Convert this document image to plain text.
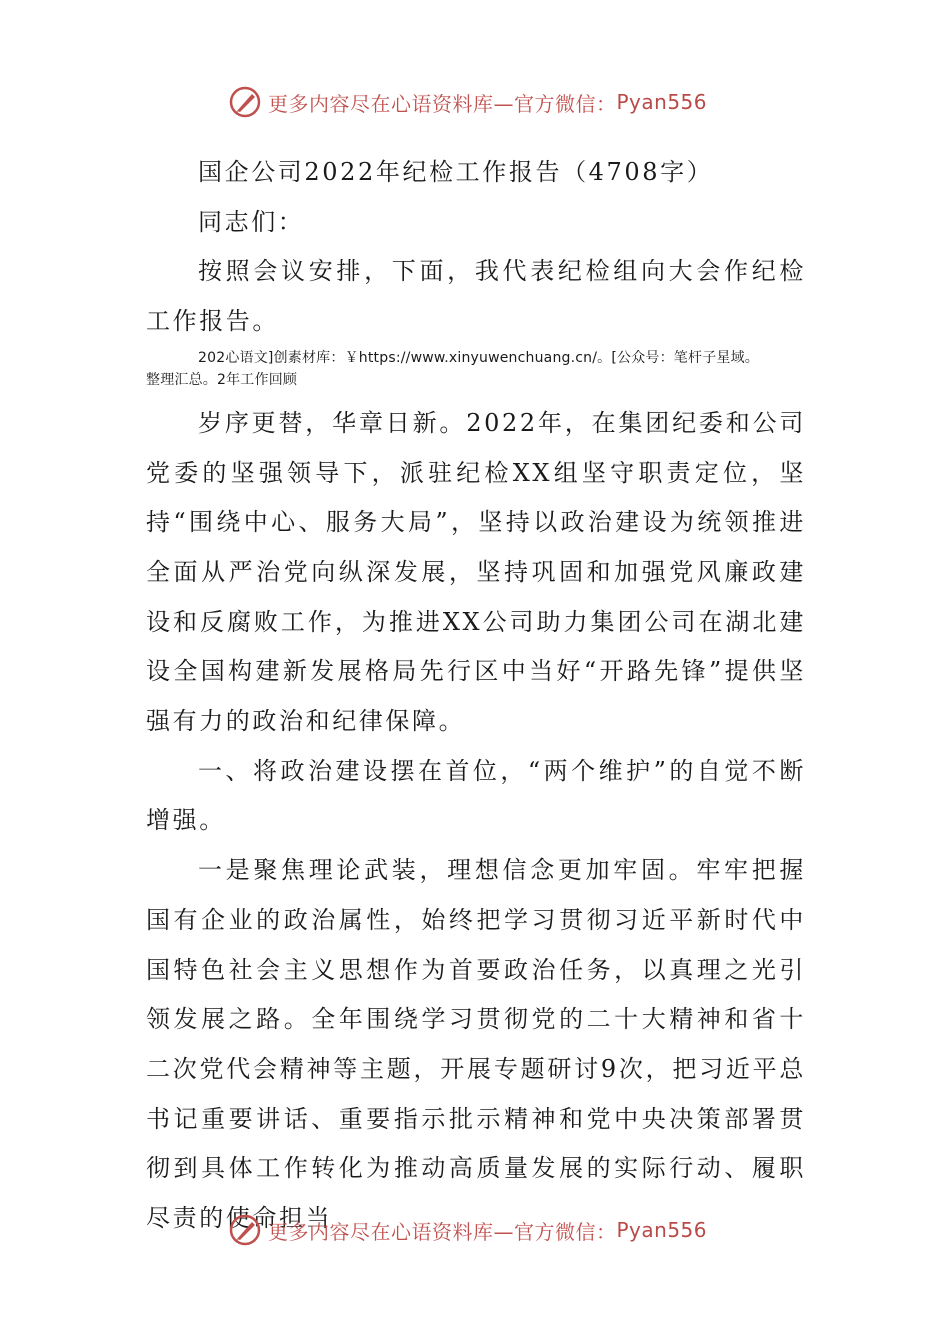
更多内容尽在心语资料库—官方微信： Pyan556

国企公司2022年纪检工作报告（4708字）

同志们：

按照会议安排，下面，我代表纪检组向大会作纪检工作报告。

202心语文]创素材库：￥https://www.xinyuwenchuang.cn/。[公众号：笔杆子星域。

整理汇总。2年工作回顾

岁序更替，华章日新。2022年，在集团纪委和公司党委的坚强领导下，派驻纪检XX组坚守职责定位，坚持“围绕中心、服务大局”，坚持以政治建设为统领推进全面从严治党向纵深发展，坚持巩固和加强党风廉政建设和反腐败工作，为推进XX公司助力集团公司在湖北建设全国构建新发展格局先行区中当好“开路先锋”提供坚强有力的政治和纪律保障。

一、将政治建设摆在首位，“两个维护”的自觉不断增强。

一是聚焦理论武装，理想信念更加牢固。牢牢把握国有企业的政治属性，始终把学习贯彻习近平新时代中国特色社会主义思想作为首要政治任务，以真理之光引领发展之路。全年围绕学习贯彻党的二十大精神和省十二次党代会精神等主题，开展专题研讨9次，把习近平总书记重要讲话、重要指示批示精神和党中央决策部署贯彻到具体工作转化为推动高质量发展的实际行动、履职尽责的使命担当

更多内容尽在心语资料库—官方微信： Pyan556
